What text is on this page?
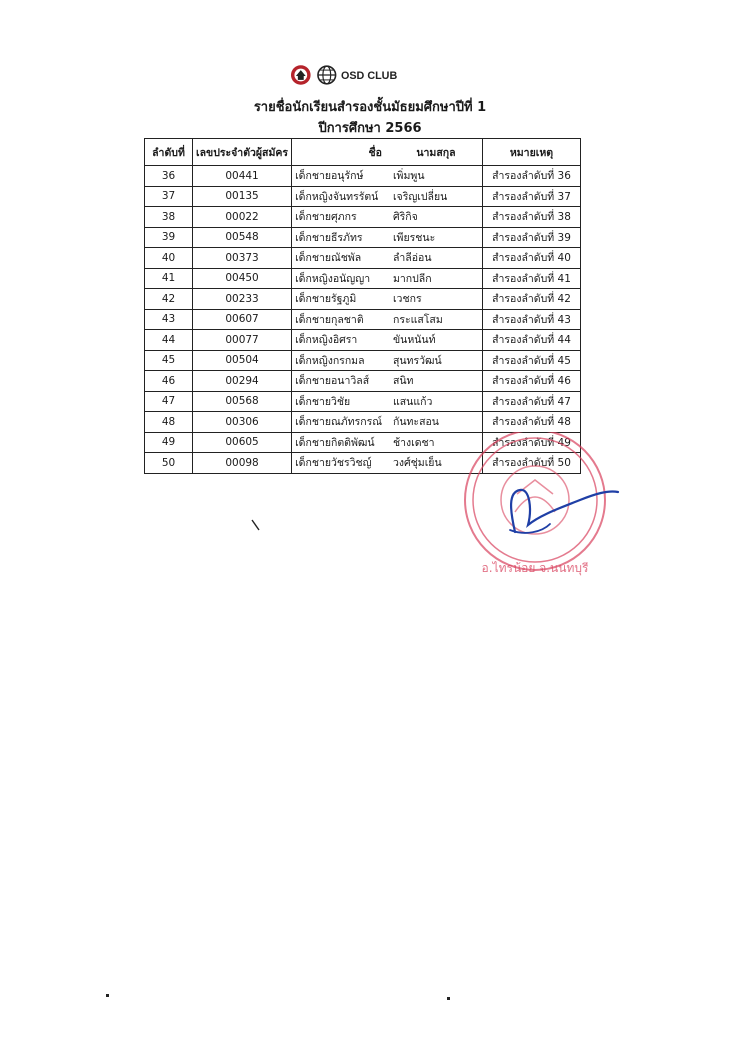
OSD CLUB
รายชื่อนักเรียนสำรองชั้นมัธยมศึกษาปีที่ 1
ปีการศึกษา 2566
ลำดับที่	เลขประจำตัวผู้สมัคร	ชื่อ	นามสกุล	หมายเหตุ
36	00441	เด็กชายอนุรักษ์	เพิ่มพูน	สำรองลำดับที่ 36
37	00135	เด็กหญิงจันทรรัตน์	เจริญเปลี่ยน	สำรองลำดับที่ 37
38	00022	เด็กชายศุภกร	ศิริกิจ	สำรองลำดับที่ 38
39	00548	เด็กชายธีรภัทร	เพียรชนะ	สำรองลำดับที่ 39
40	00373	เด็กชายณัชพัล	ลำลีอ่อน	สำรองลำดับที่ 40
41	00450	เด็กหญิงอนัญญา	มากปลีก	สำรองลำดับที่ 41
42	00233	เด็กชายรัฐภูมิ	เวชกร	สำรองลำดับที่ 42
43	00607	เด็กชายกุลชาติ	กระแสโสม	สำรองลำดับที่ 43
44	00077	เด็กหญิงอิศรา	ขันหนันท์	สำรองลำดับที่ 44
45	00504	เด็กหญิงกรกมล	สุนทรวัฒน์	สำรองลำดับที่ 45
46	00294	เด็กชายอนาวิลส์	สนิท	สำรองลำดับที่ 46
47	00568	เด็กชายวิชัย	แสนแก้ว	สำรองลำดับที่ 47
48	00306	เด็กชายณภัทรกรณ์	กันทะสอน	สำรองลำดับที่ 48
49	00605	เด็กชายกิตติพัฒน์	ช้างเดชา	สำรองลำดับที่ 49
50	00098	เด็กชายวัชรวิชญ์	วงศ์ชุ่มเย็น	สำรองลำดับที่ 50
อ.ไทรน้อย จ.นนทบุรี
